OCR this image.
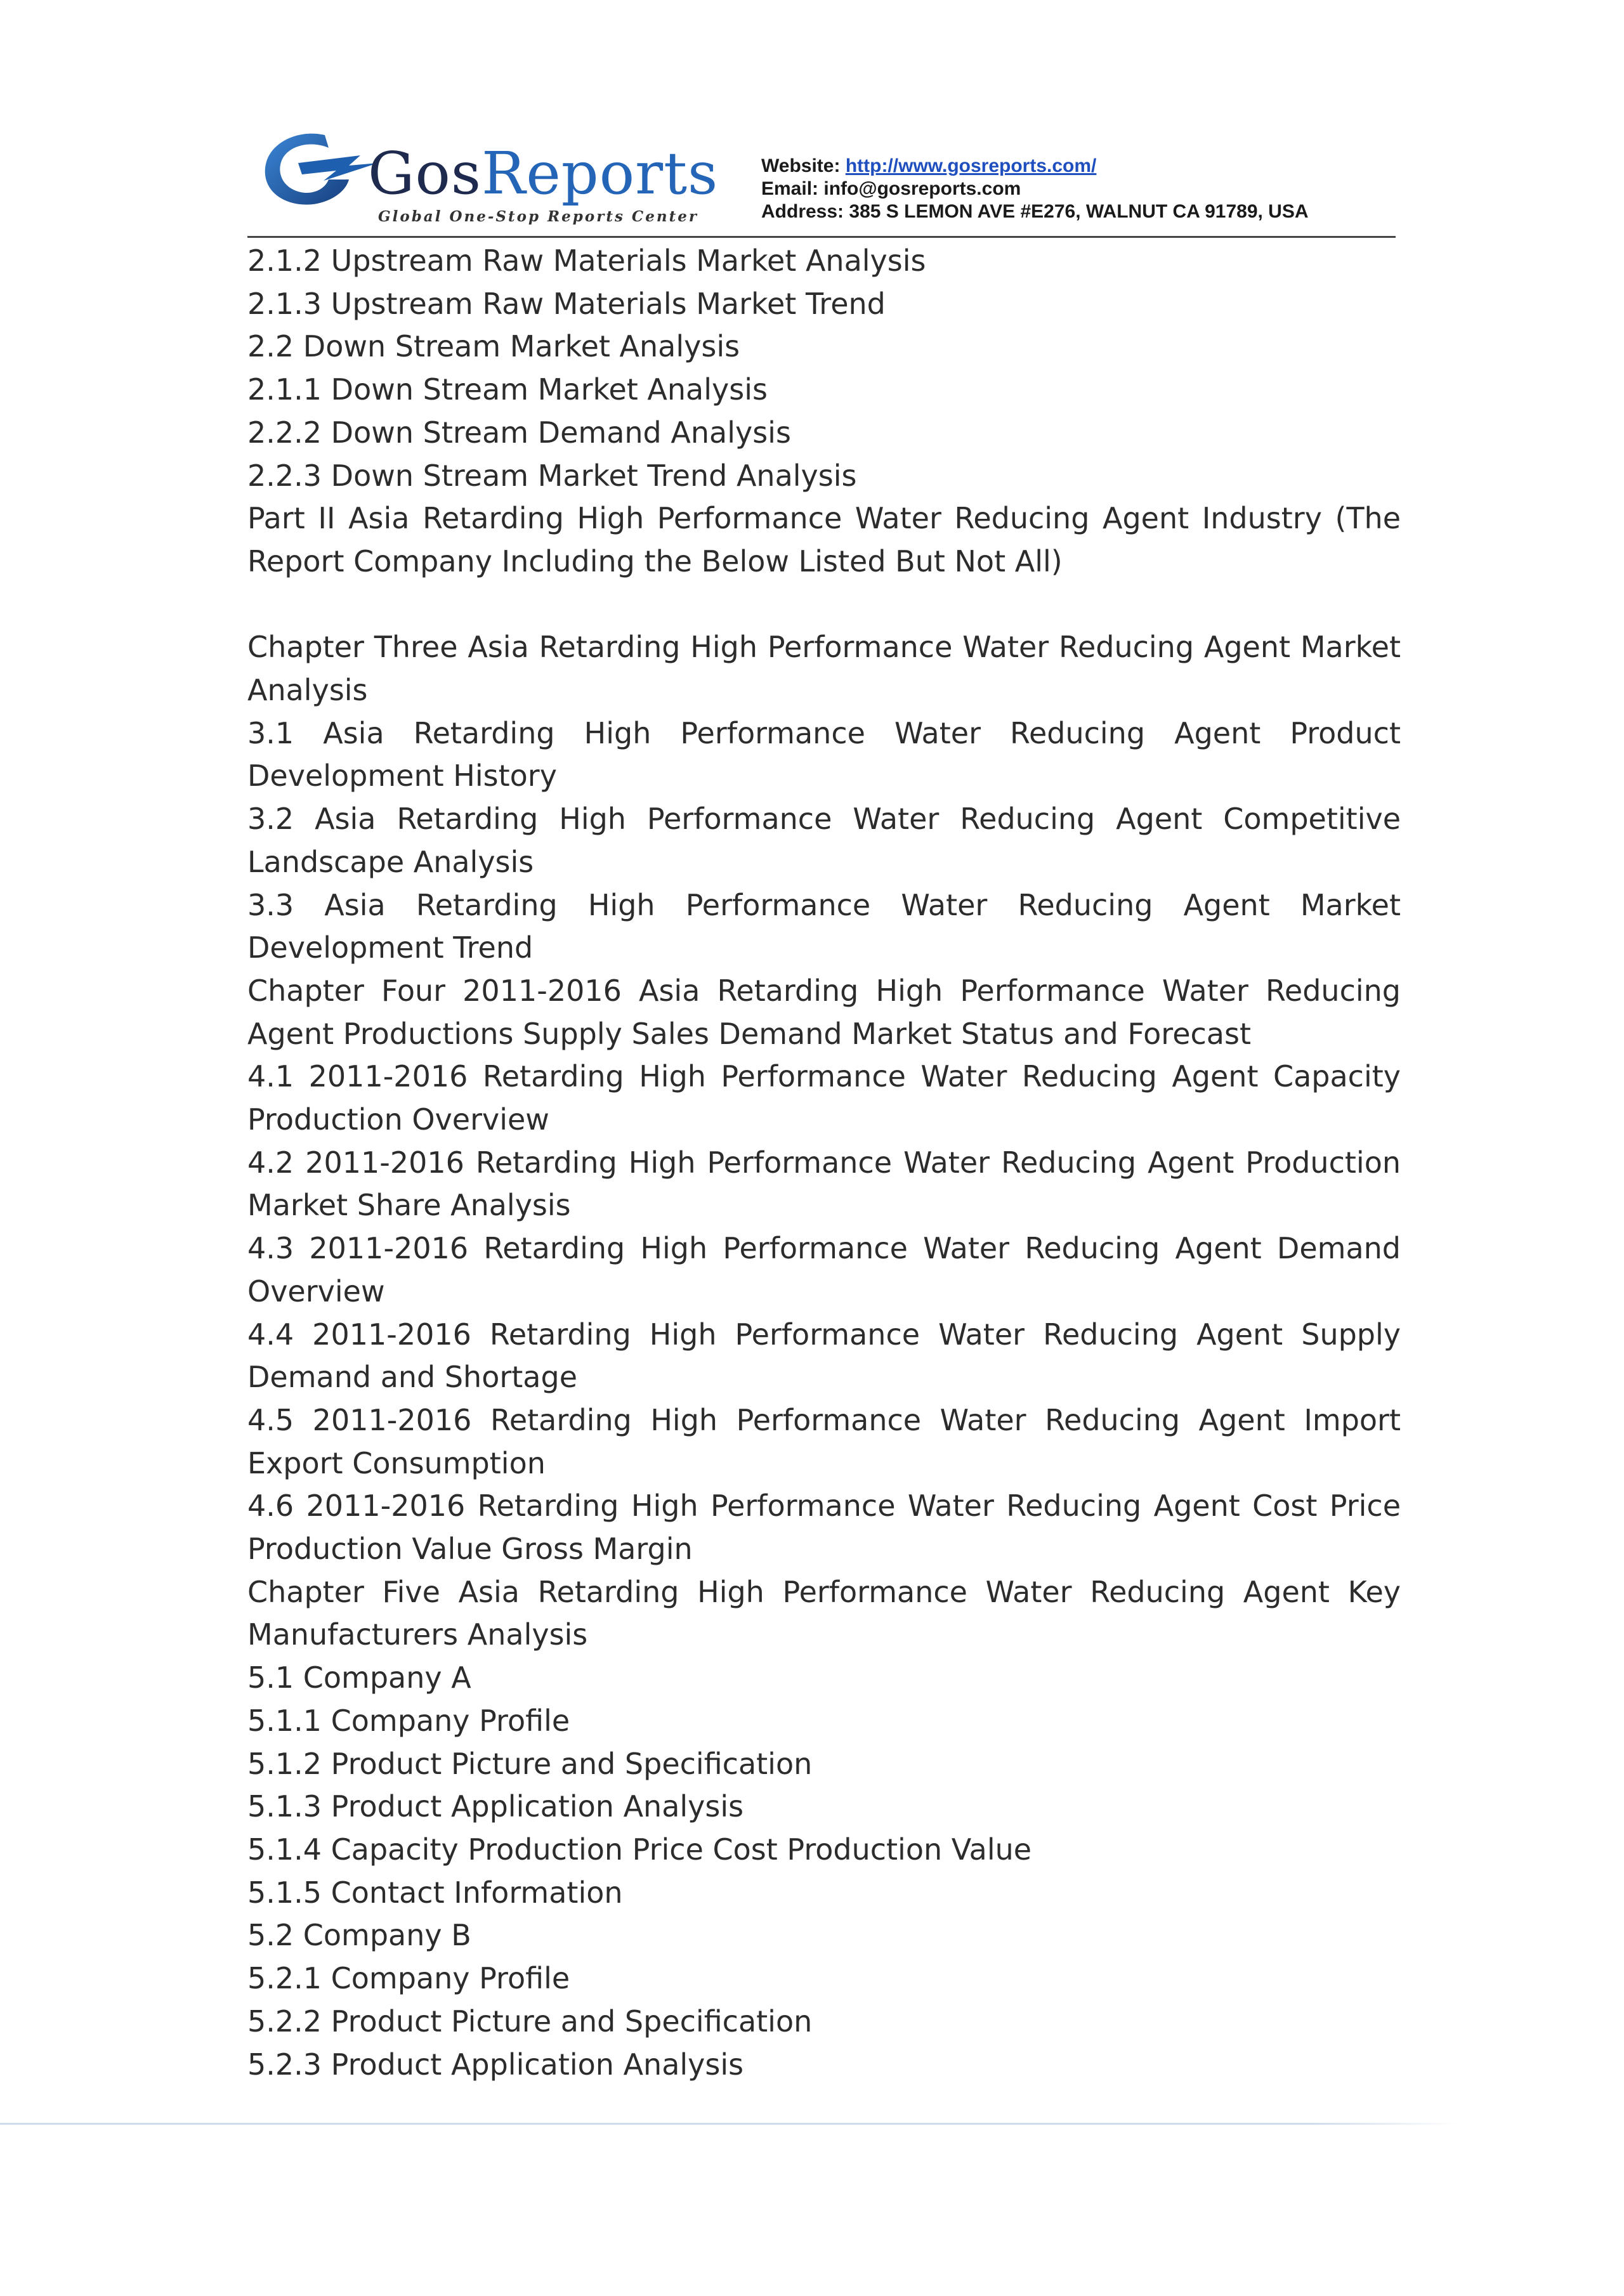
GosReports
Global One-Stop Reports Center
Website: http://www.gosreports.com/
Email: info@gosreports.com
Address: 385 S LEMON AVE #E276, WALNUT CA 91789, USA
2.1.2 Upstream Raw Materials Market Analysis
2.1.3 Upstream Raw Materials Market Trend
2.2 Down Stream Market Analysis
2.1.1 Down Stream Market Analysis
2.2.2 Down Stream Demand Analysis
2.2.3 Down Stream Market Trend Analysis
Part II Asia Retarding High Performance Water Reducing Agent Industry (The Report Company Including the Below Listed But Not All)
Chapter Three Asia Retarding High Performance Water Reducing Agent Market Analysis
3.1 Asia Retarding High Performance Water Reducing Agent Product Development History
3.2 Asia Retarding High Performance Water Reducing Agent Competitive Landscape Analysis
3.3 Asia Retarding High Performance Water Reducing Agent Market Development Trend
Chapter Four 2011-2016 Asia Retarding High Performance Water Reducing Agent Productions Supply Sales Demand Market Status and Forecast
4.1 2011-2016 Retarding High Performance Water Reducing Agent Capacity Production Overview
4.2 2011-2016 Retarding High Performance Water Reducing Agent Production Market Share Analysis
4.3 2011-2016 Retarding High Performance Water Reducing Agent Demand Overview
4.4 2011-2016 Retarding High Performance Water Reducing Agent Supply Demand and Shortage
4.5 2011-2016 Retarding High Performance Water Reducing Agent Import Export Consumption
4.6 2011-2016 Retarding High Performance Water Reducing Agent Cost Price Production Value Gross Margin
Chapter Five Asia Retarding High Performance Water Reducing Agent Key Manufacturers Analysis
5.1 Company A
5.1.1 Company Profile
5.1.2 Product Picture and Specification
5.1.3 Product Application Analysis
5.1.4 Capacity Production Price Cost Production Value
5.1.5 Contact Information
5.2 Company B
5.2.1 Company Profile
5.2.2 Product Picture and Specification
5.2.3 Product Application Analysis
